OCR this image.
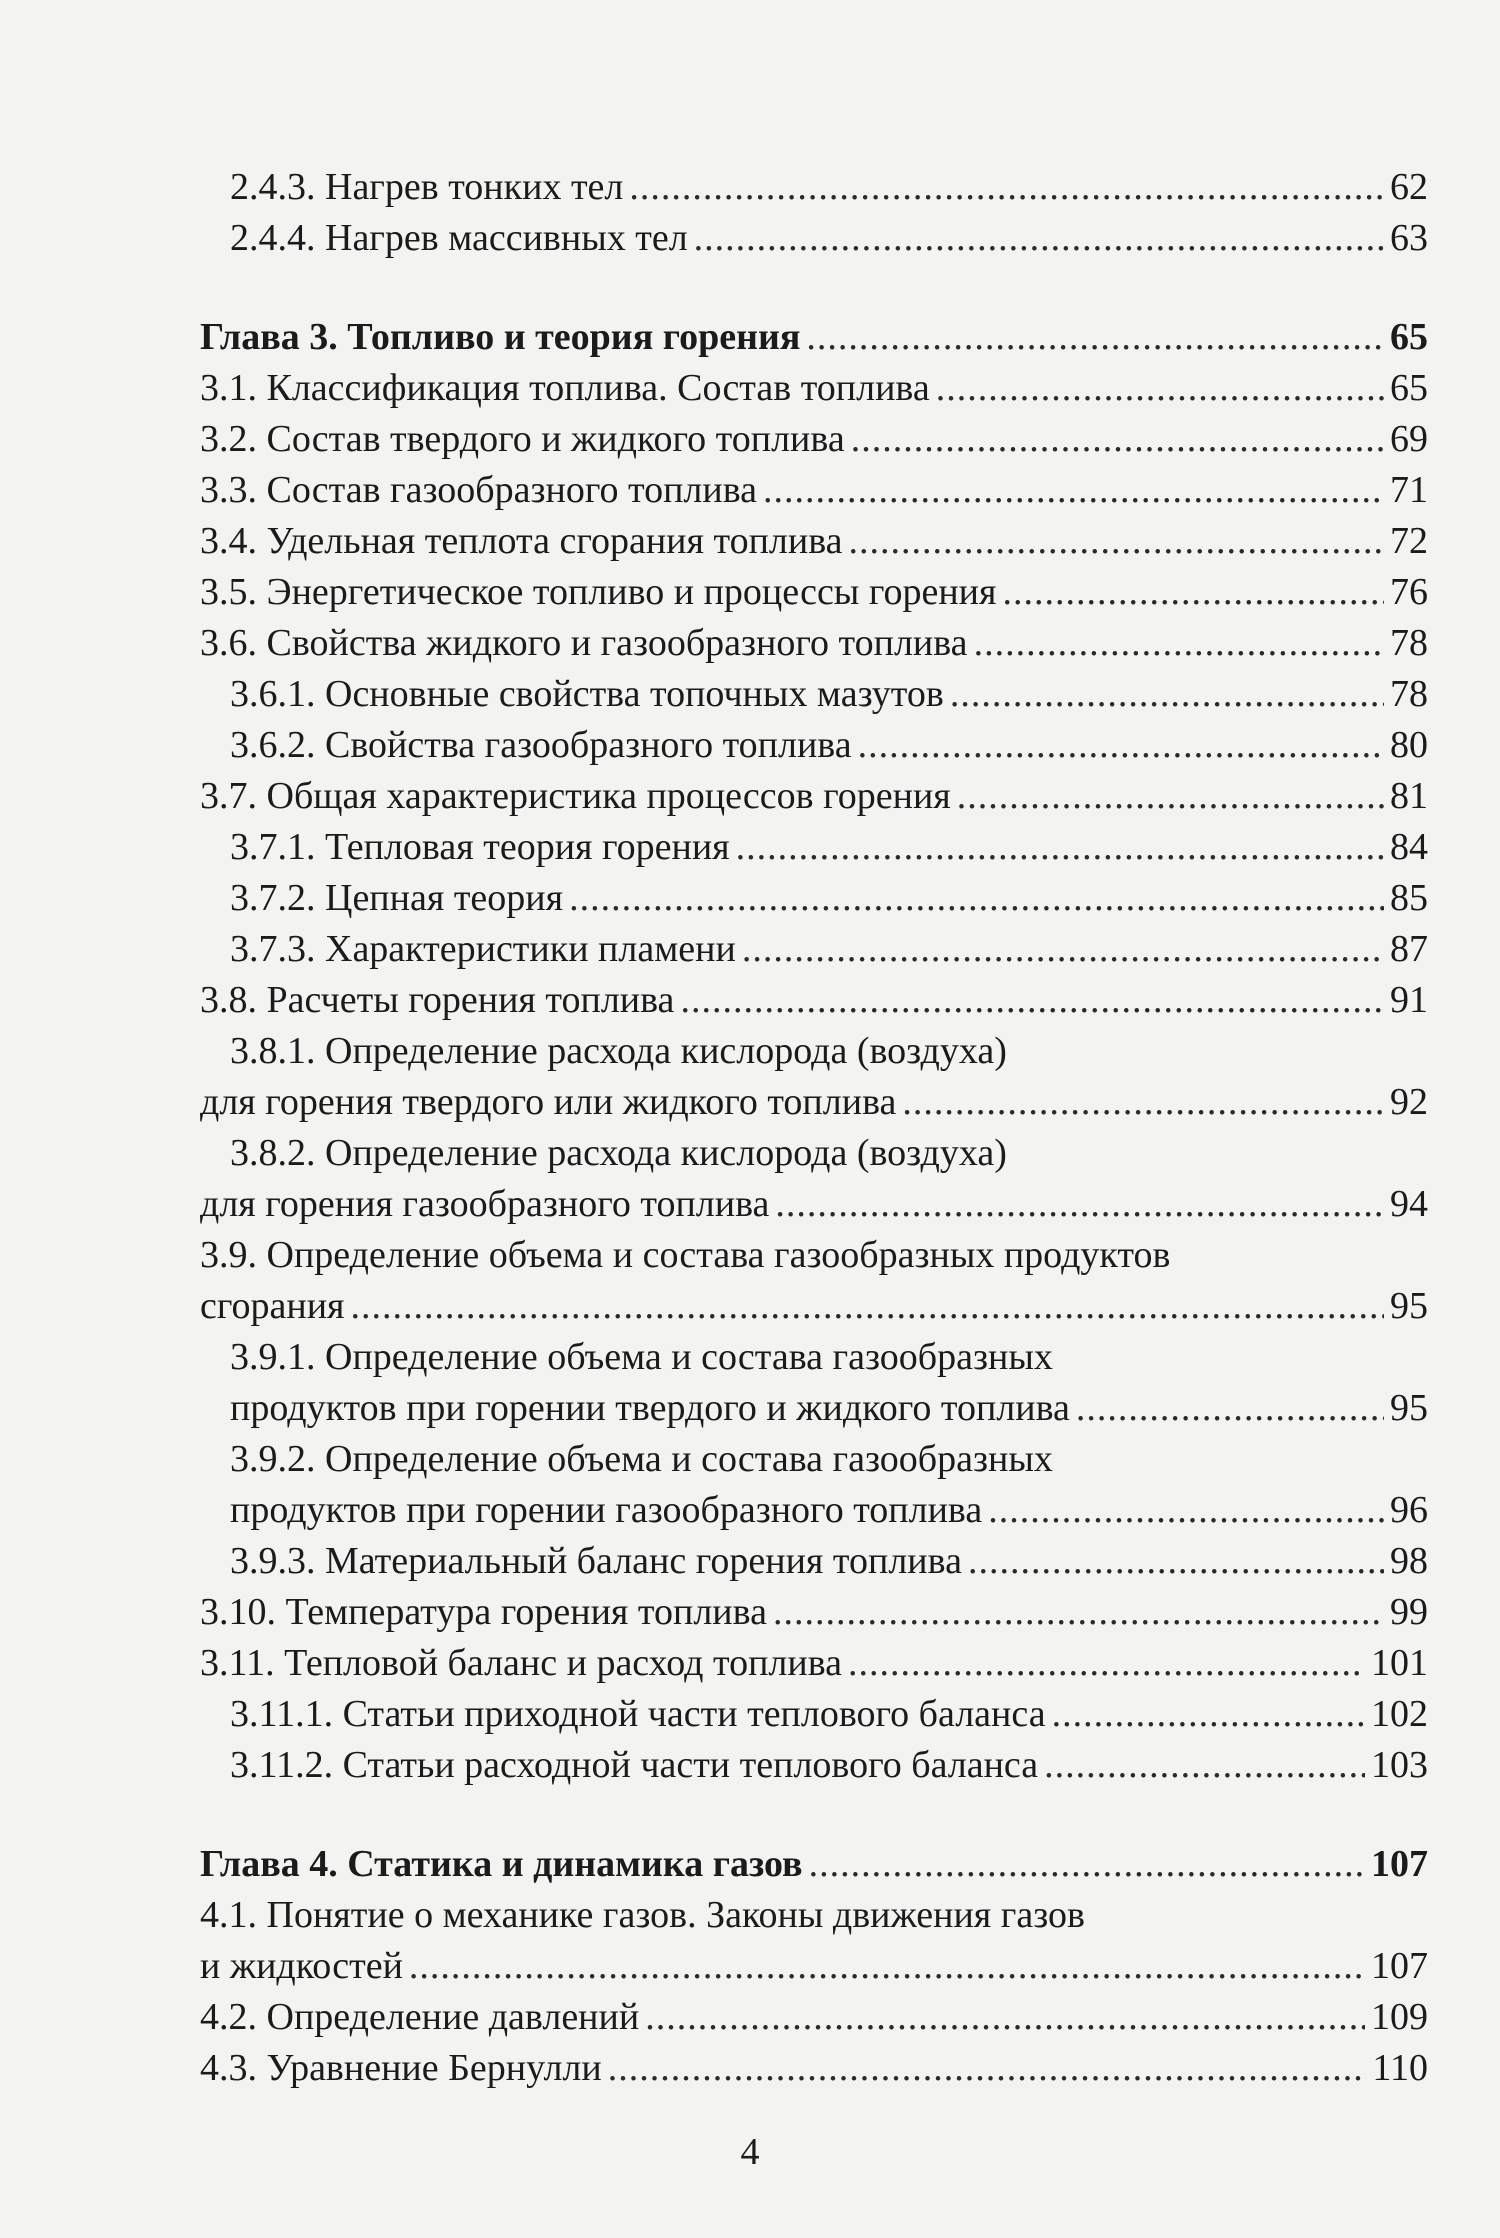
2.4.3. Нагрев тонких тел .....	62
2.4.4. Нагрев массивных тел .....	63
Глава 3. Топливо и теория горения .....	65
3.1. Классификация топлива. Состав топлива .....	65
3.2. Состав твердого и жидкого топлива .....	69
3.3. Состав газообразного топлива .....	71
3.4. Удельная теплота сгорания топлива .....	72
3.5. Энергетическое топливо и процессы горения .....	76
3.6. Свойства жидкого и газообразного топлива .....	78
3.6.1. Основные свойства топочных мазутов .....	78
3.6.2. Свойства газообразного топлива .....	80
3.7. Общая характеристика процессов горения .....	81
3.7.1. Тепловая теория горения .....	84
3.7.2. Цепная теория .....	85
3.7.3. Характеристики пламени .....	87
3.8. Расчеты горения топлива .....	91
3.8.1. Определение расхода кислорода (воздуха)
для горения твердого или жидкого топлива .....	92
3.8.2. Определение расхода кислорода (воздуха)
для горения газообразного топлива .....	94
3.9. Определение объема и состава газообразных продуктов
сгорания .....	95
3.9.1. Определение объема и состава газообразных
продуктов при горении твердого и жидкого топлива .....	95
3.9.2. Определение объема и состава газообразных
продуктов при горении газообразного топлива .....	96
3.9.3. Материальный баланс горения топлива .....	98
3.10. Температура горения топлива .....	99
3.11. Тепловой баланс и расход топлива .....	101
3.11.1. Статьи приходной части теплового баланса .....	102
3.11.2. Статьи расходной части теплового баланса .....	103
Глава 4. Статика и динамика газов .....	107
4.1. Понятие о механике газов. Законы движения газов
и жидкостей .....	107
4.2. Определение давлений .....	109
4.3. Уравнение Бернулли .....	110
4
